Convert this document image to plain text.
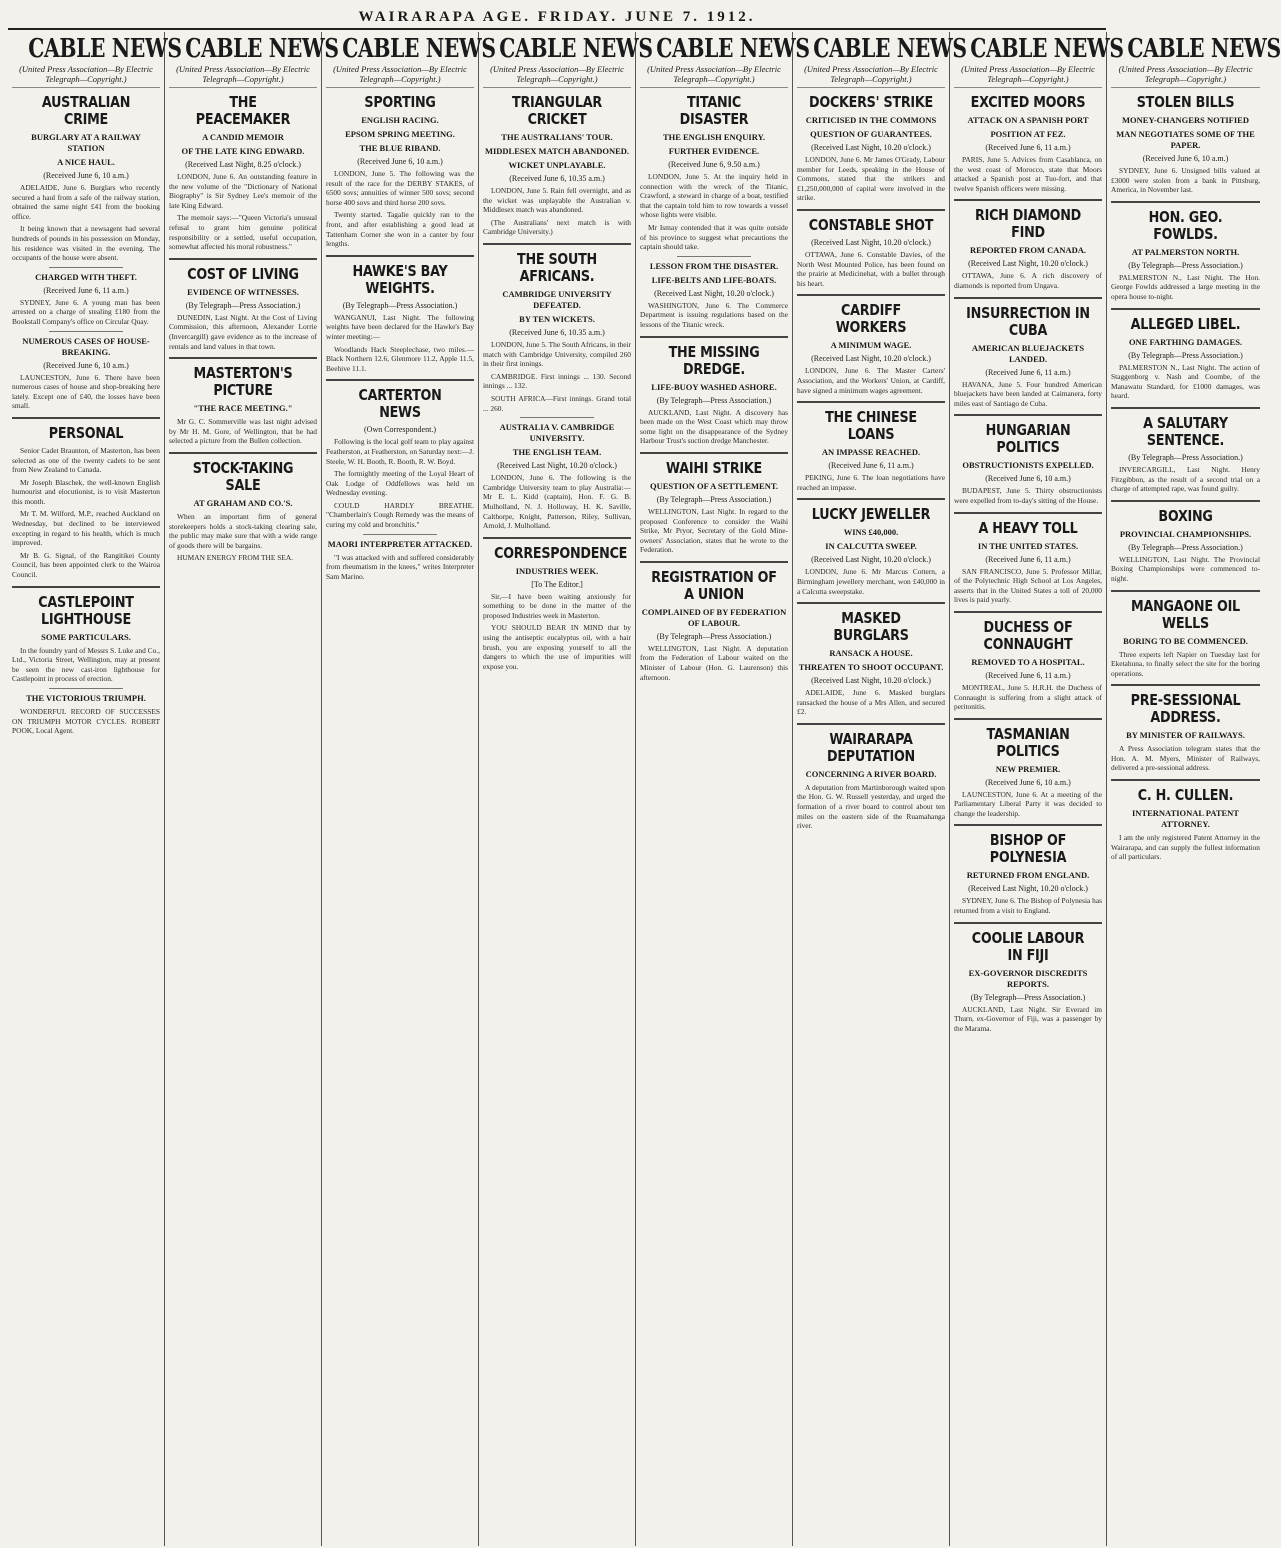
WAIRARAPA AGE. FRIDAY. JUNE 7. 1912.
CABLE NEWS
(United Press Association—By Electric Telegraph—Copyright.)
AUSTRALIAN CRIME
BURGLARY AT A RAILWAY STATION
A NICE HAUL.
(Received June 6, 10 a.m.)

ADELAIDE, June 6. Burglars who recently secured a haul from a safe of the railway station, obtained the same night £41 from the booking office.

It being known that a newsagent had several hundreds of pounds in his possession on Monday, his residence was visited in the evening. The occupants of the house were absent.

CHARGED WITH THEFT.
(Received June 6, 11 a.m.)

SYDNEY, June 6. A young man has been arrested on a charge of stealing £180 from the Bookstall Company's office on Circular Quay.

NUMEROUS CASES OF HOUSE-BREAKING.
(Received June 6, 10 a.m.)

LAUNCESTON, June 6. There have been numerous cases of house and shop-breaking here lately. Except one of £40, the losses have been small.

PERSONAL

Senior Cadet Braunton, of Masterton, has been selected as one of the twenty cadets to be sent from New Zealand to Canada.

Mr Joseph Blaschek, the well-known English humourist and elocutionist, is to visit Masterton this month.

Mr T. M. Wilford, M.P., reached Auckland on Wednesday, but declined to be interviewed excepting in regard to his health, which is much improved.

Mr B. G. Signal, of the Rangitikei County Council, has been appointed clerk to the Wairoa Council.

CASTLEPOINT LIGHTHOUSE
SOME PARTICULARS.

In the foundry yard of Messrs S. Luke and Co., Ltd., Victoria Street, Wellington, may at present be seen the new cast-iron lighthouse for Castlepoint in process of erection.

THE VICTORIOUS TRIUMPH.

WONDERFUL RECORD OF SUCCESSES ON TRIUMPH MOTOR CYCLES. ROBERT POOK, Local Agent.

CABLE NEWS
(United Press Association—By Electric Telegraph—Copyright.)
THE PEACEMAKER
A CANDID MEMOIR
OF THE LATE KING EDWARD.
(Received Last Night, 8.25 o'clock.)

LONDON, June 6. An outstanding feature in the new volume of the "Dictionary of National Biography" is Sir Sydney Lee's memoir of the late King Edward.

The memoir says:—"Queen Victoria's unusual refusal to grant him genuine political responsibility or a settled, useful occupation, somewhat affected his moral robustness."

COST OF LIVING
EVIDENCE OF WITNESSES.
(By Telegraph—Press Association.)

DUNEDIN, Last Night. At the Cost of Living Commission, this afternoon, Alexander Lorrie (Invercargill) gave evidence as to the increase of rentals and land values in that town.

MASTERTON'S PICTURE
"THE RACE MEETING."

Mr G. C. Sommerville was last night advised by Mr H. M. Gore, of Wellington, that he had selected a picture from the Bullen collection.

STOCK-TAKING SALE
AT GRAHAM AND CO.'S.

When an important firm of general storekeepers holds a stock-taking clearing sale, the public may make sure that with a wide range of goods there will be bargains.

HUMAN ENERGY FROM THE SEA.

CABLE NEWS
(United Press Association—By Electric Telegraph—Copyright.)
SPORTING
ENGLISH RACING.
EPSOM SPRING MEETING.
THE BLUE RIBAND.
(Received June 6, 10 a.m.)

LONDON, June 5. The following was the result of the race for the DERBY STAKES, of 6500 sovs; annuities of winner 500 sovs; second horse 400 sovs and third horse 200 sovs.

Twenty started. Tagalie quickly ran to the front, and after establishing a good lead at Tattenham Corner she won in a canter by four lengths.

HAWKE'S BAY WEIGHTS.
(By Telegraph—Press Association.)

WANGANUI, Last Night. The following weights have been declared for the Hawke's Bay winter meeting:—

Woodlands Hack Steeplechase, two miles.—Black Northern 12.6, Glenmore 11.2, Apple 11.5, Beehive 11.1.

CARTERTON NEWS
(Own Correspondent.)

Following is the local golf team to play against Featherston, at Featherston, on Saturday next:—J. Steele, W. H. Booth, R. Booth, R. W. Boyd.

The fortnightly meeting of the Loyal Heart of Oak Lodge of Oddfellows was held on Wednesday evening.

COULD HARDLY BREATHE. "Chamberlain's Cough Remedy was the means of curing my cold and bronchitis."

MAORI INTERPRETER ATTACKED.

"I was attacked with and suffered considerably from rheumatism in the knees," writes Interpreter Sam Marino.

CABLE NEWS
(United Press Association—By Electric Telegraph—Copyright.)
TRIANGULAR CRICKET
THE AUSTRALIANS' TOUR.
MIDDLESEX MATCH ABANDONED.
WICKET UNPLAYABLE.
(Received June 6, 10.35 a.m.)

LONDON, June 5. Rain fell overnight, and as the wicket was unplayable the Australian v. Middlesex match was abandoned.

(The Australians' next match is with Cambridge University.)

THE SOUTH AFRICANS.
CAMBRIDGE UNIVERSITY DEFEATED.
BY TEN WICKETS.
(Received June 6, 10.35 a.m.)

LONDON, June 5. The South Africans, in their match with Cambridge University, compiled 260 in their first innings.

CAMBRIDGE. First innings ... 130. Second innings ... 132.

SOUTH AFRICA—First innings. Grand total ... 260.

AUSTRALIA V. CAMBRIDGE UNIVERSITY.
THE ENGLISH TEAM.
(Received Last Night, 10.20 o'clock.)

LONDON, June 6. The following is the Cambridge University team to play Australia:—Mr E. L. Kidd (captain), Hon. F. G. B. Mulholland, N. J. Holloway, H. K. Saville, Calthorpe, Knight, Patterson, Riley, Sullivan, Arnold, J. Mulholland.

CORRESPONDENCE
INDUSTRIES WEEK.
[To The Editor.]

Sir,—I have been waiting anxiously for something to be done in the matter of the proposed Industries week in Masterton.

YOU SHOULD BEAR IN MIND that by using the antiseptic eucalyptus oil, with a hair brush, you are exposing yourself to all the dangers to which the use of impurities will expose you.

CABLE NEWS
(United Press Association—By Electric Telegraph—Copyright.)
TITANIC DISASTER
THE ENGLISH ENQUIRY.
FURTHER EVIDENCE.
(Received June 6, 9.50 a.m.)

LONDON, June 5. At the inquiry held in connection with the wreck of the Titanic, Crawford, a steward in charge of a boat, testified that the captain told him to row towards a vessel whose lights were visible.

Mr Ismay contended that it was quite outside of his province to suggest what precautions the captain should take.

LESSON FROM THE DISASTER.
LIFE-BELTS AND LIFE-BOATS.
(Received Last Night, 10.20 o'clock.)

WASHINGTON, June 6. The Commerce Department is issuing regulations based on the lessons of the Titanic wreck.

THE MISSING DREDGE.
LIFE-BUOY WASHED ASHORE.
(By Telegraph—Press Association.)

AUCKLAND, Last Night. A discovery has been made on the West Coast which may throw some light on the disappearance of the Sydney Harbour Trust's suction dredge Manchester.

WAIHI STRIKE
QUESTION OF A SETTLEMENT.
(By Telegraph—Press Association.)

WELLINGTON, Last Night. In regard to the proposed Conference to consider the Waihi Strike, Mr Pryor, Secretary of the Gold Mine-owners' Association, states that he wrote to the Federation.

REGISTRATION OF A UNION
COMPLAINED OF BY FEDERATION OF LABOUR.
(By Telegraph—Press Association.)

WELLINGTON, Last Night. A deputation from the Federation of Labour waited on the Minister of Labour (Hon. G. Laurenson) this afternoon.

CABLE NEWS
(United Press Association—By Electric Telegraph—Copyright.)
DOCKERS' STRIKE
CRITICISED IN THE COMMONS
QUESTION OF GUARANTEES.
(Received Last Night, 10.20 o'clock.)

LONDON, June 6. Mr James O'Grady, Labour member for Leeds, speaking in the House of Commons, stated that the strikers and £1,250,000,000 of capital were involved in the strike.

CONSTABLE SHOT
(Received Last Night, 10.20 o'clock.)

OTTAWA, June 6. Constable Davies, of the North West Mounted Police, has been found on the prairie at Medicinehat, with a bullet through his heart.

CARDIFF WORKERS
A MINIMUM WAGE.
(Received Last Night, 10.20 o'clock.)

LONDON, June 6. The Master Carters' Association, and the Workers' Union, at Cardiff, have signed a minimum wages agreement.

THE CHINESE LOANS
AN IMPASSE REACHED.
(Received June 6, 11 a.m.)

PEKING, June 6. The loan negotiations have reached an impasse.

LUCKY JEWELLER
WINS £40,000.
IN CALCUTTA SWEEP.
(Received Last Night, 10.20 o'clock.)

LONDON, June 6. Mr Marcus Cottern, a Birmingham jewellery merchant, won £40,000 in a Calcutta sweepstake.

MASKED BURGLARS
RANSACK A HOUSE.
THREATEN TO SHOOT OCCUPANT.
(Received Last Night, 10.20 o'clock.)

ADELAIDE, June 6. Masked burglars ransacked the house of a Mrs Allen, and secured £2.

WAIRARAPA DEPUTATION
CONCERNING A RIVER BOARD.

A deputation from Martinborough waited upon the Hon. G. W. Russell yesterday, and urged the formation of a river board to control about ten miles on the eastern side of the Ruamahanga river.

CABLE NEWS
(United Press Association—By Electric Telegraph—Copyright.)
EXCITED MOORS
ATTACK ON A SPANISH PORT
POSITION AT FEZ.
(Received June 6, 11 a.m.)

PARIS, June 5. Advices from Casablanca, on the west coast of Morocco, state that Moors attacked a Spanish post at Tuo-fort, and that twelve Spanish officers were missing.

RICH DIAMOND FIND
REPORTED FROM CANADA.
(Received Last Night, 10.20 o'clock.)

OTTAWA, June 6. A rich discovery of diamonds is reported from Ungava.

INSURRECTION IN CUBA
AMERICAN BLUEJACKETS LANDED.
(Received June 6, 11 a.m.)

HAVANA, June 5. Four hundred American bluejackets have been landed at Caimanera, forty miles east of Santiago de Cuba.

HUNGARIAN POLITICS
OBSTRUCTIONISTS EXPELLED.
(Received June 6, 10 a.m.)

BUDAPEST, June 5. Thirty obstructionists were expelled from to-day's sitting of the House.

A HEAVY TOLL
IN THE UNITED STATES.
(Received June 6, 11 a.m.)

SAN FRANCISCO, June 5. Professor Millar, of the Polytechnic High School at Los Angeles, asserts that in the United States a toll of 20,000 lives is paid yearly.

DUCHESS OF CONNAUGHT
REMOVED TO A HOSPITAL.
(Received June 6, 11 a.m.)

MONTREAL, June 5. H.R.H. the Duchess of Connaught is suffering from a slight attack of peritonitis.

TASMANIAN POLITICS
NEW PREMIER.
(Received June 6, 10 a.m.)

LAUNCESTON, June 6. At a meeting of the Parliamentary Liberal Party it was decided to change the leadership.

BISHOP OF POLYNESIA
RETURNED FROM ENGLAND.
(Received Last Night, 10.20 o'clock.)

SYDNEY, June 6. The Bishop of Polynesia has returned from a visit to England.

COOLIE LABOUR IN FIJI
EX-GOVERNOR DISCREDITS REPORTS.
(By Telegraph—Press Association.)

AUCKLAND, Last Night. Sir Everard im Thurn, ex-Governor of Fiji, was a passenger by the Marama.

CABLE NEWS
(United Press Association—By Electric Telegraph—Copyright.)
STOLEN BILLS
MONEY-CHANGERS NOTIFIED
MAN NEGOTIATES SOME OF THE PAPER.
(Received June 6, 10 a.m.)

SYDNEY, June 6. Unsigned bills valued at £3000 were stolen from a bank in Pittsburg, America, in November last.

HON. GEO. FOWLDS.
AT PALMERSTON NORTH.
(By Telegraph—Press Association.)

PALMERSTON N., Last Night. The Hon. George Fowlds addressed a large meeting in the opera house to-night.

ALLEGED LIBEL.
ONE FARTHING DAMAGES.
(By Telegraph—Press Association.)

PALMERSTON N., Last Night. The action of Staggenborg v. Nash and Coombe, of the Manawatu Standard, for £1000 damages, was heard.

A SALUTARY SENTENCE.
(By Telegraph—Press Association.)

INVERCARGILL, Last Night. Henry Fitzgibbon, as the result of a second trial on a charge of attempted rape, was found guilty.

BOXING
PROVINCIAL CHAMPIONSHIPS.
(By Telegraph—Press Association.)

WELLINGTON, Last Night. The Provincial Boxing Championships were commenced to-night.

MANGAONE OIL WELLS
BORING TO BE COMMENCED.

Three experts left Napier on Tuesday last for Eketahuna, to finally select the site for the boring operations.

PRE-SESSIONAL ADDRESS.
BY MINISTER OF RAILWAYS.

A Press Association telegram states that the Hon. A. M. Myers, Minister of Railways, delivered a pre-sessional address.

C. H. CULLEN.
INTERNATIONAL PATENT ATTORNEY.

I am the only registered Patent Attorney in the Wairarapa, and can supply the fullest information of all particulars.
